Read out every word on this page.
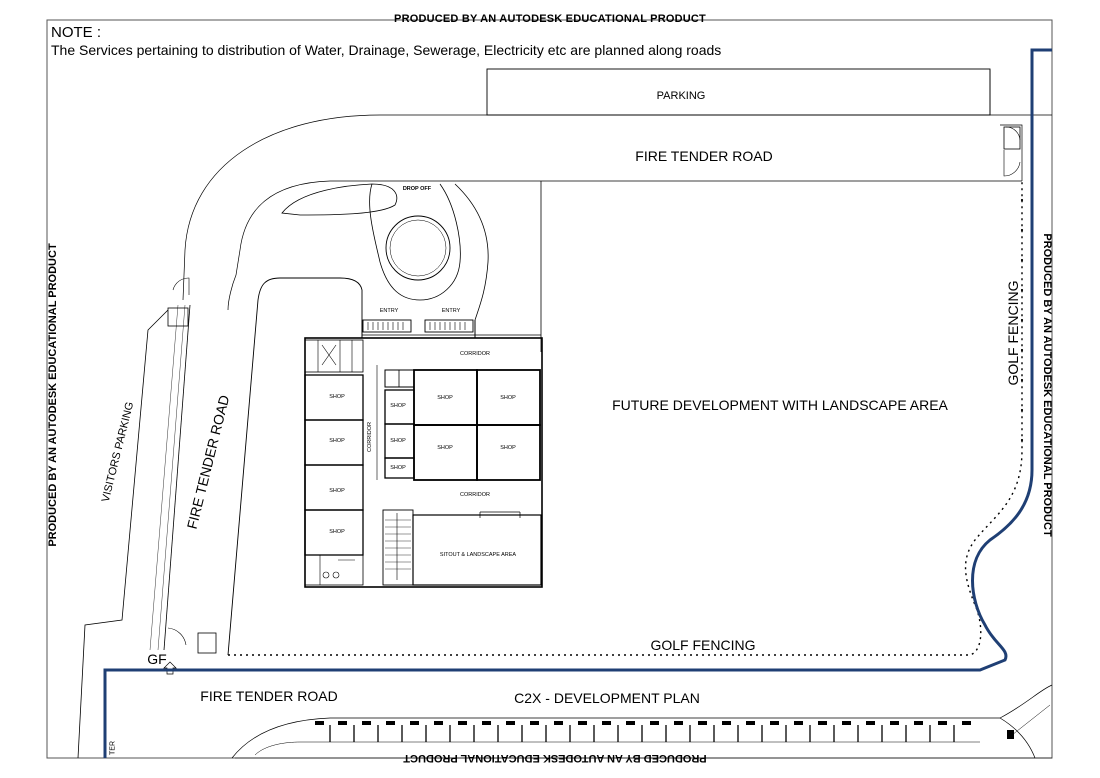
PRODUCED BY AN AUTODESK EDUCATIONAL PRODUCT
PRODUCED BY AN AUTODESK EDUCATIONAL PRODUCT
PRODUCED BY AN AUTODESK EDUCATIONAL PRODUCT	PRODUCED BY AN AUTODESK EDUCATIONAL PRODUCT
NOTE :
The Services pertaining to distribution of Water, Drainage, Sewerage, Electricity etc are planned along roads
PARKING
FIRE TENDER ROAD
DROP OFF
ENTRY	ENTRY
CORRIDOR
CORRIDOR
CORRIDOR
SHOP
SHOP
SHOP
SHOP
SHOP
SHOP
SHOP
SHOP	SHOP
SHOP	SHOP
SITOUT & LANDSCAPE AREA
FUTURE DEVELOPMENT WITH LANDSCAPE AREA
GOLF FENCING
GOLF FENCING
VISITORS PARKING	FIRE TENDER ROAD
GF
FIRE TENDER ROAD	C2X - DEVELOPMENT PLAN
TER
